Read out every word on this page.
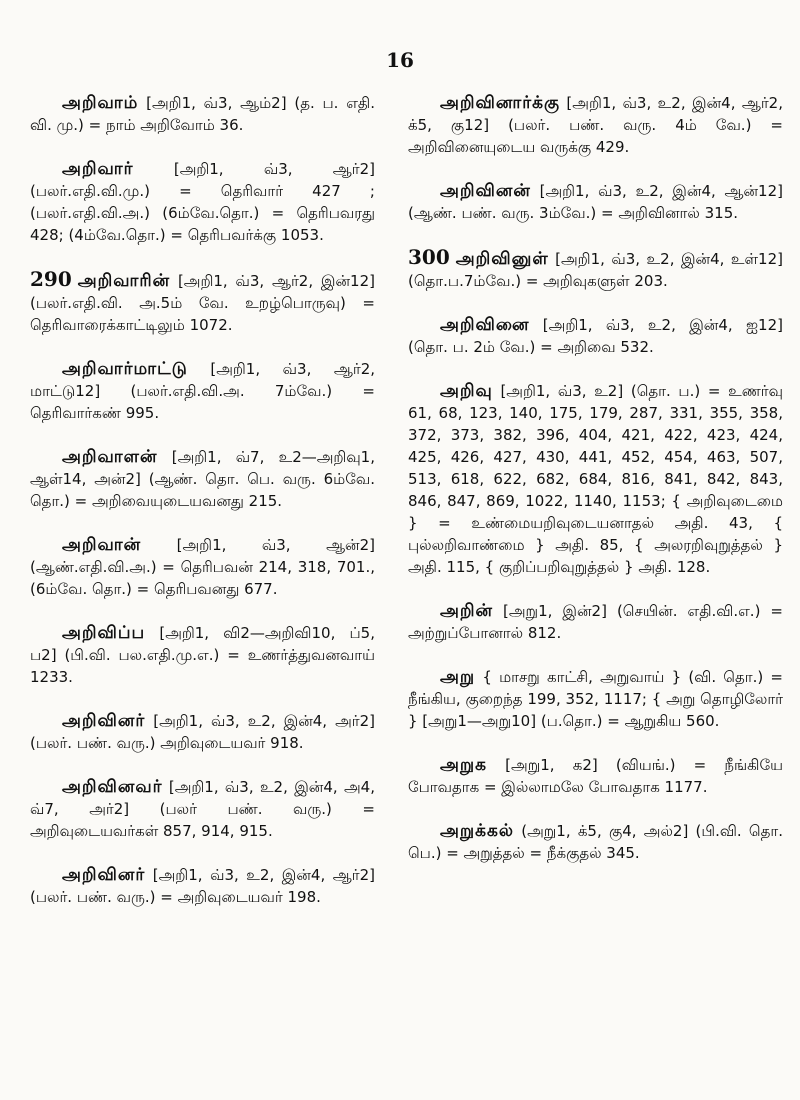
16
அறிவாம் [அறி1, வ்3, ஆம்2] (த. ப. எதி. வி. மு.) = நாம் அறிவோம் 36.
அறிவார் [அறி1, வ்3, ஆர்2] (பலர்.எதி.வி.மு.) = தெரிவார் 427 ; (பலர்.எதி.வி.அ.) (6ம்வே.தொ.) = தெரிபவரது 428; (4ம்வே.தொ.) = தெரிபவர்க்கு 1053.
290 அறிவாரின் [அறி1, வ்3, ஆர்2, இன்12] (பலர்.எதி.வி. அ.5ம் வே. உறழ்பொருவு) = தெரிவாரைக்காட்டிலும் 1072.
அறிவார்மாட்டு [அறி1, வ்3, ஆர்2, மாட்டு12] (பலர்.எதி.வி.அ. 7ம்வே.) = தெரிவார்கண் 995.
அறிவாளன் [அறி1, வ்7, உ2—அறிவு1, ஆள்14, அன்2] (ஆண். தொ. பெ. வரு. 6ம்வே. தொ.) = அறிவையுடையவனது 215.
அறிவான் [அறி1, வ்3, ஆன்2] (ஆண்.எதி.வி.அ.) = தெரிபவன் 214, 318, 701., (6ம்வே. தொ.) = தெரிபவனது 677.
அறிவிப்ப [அறி1, வி2—அறிவி10, ப்5, ப2] (பி.வி. பல.எதி.மு.எ.) = உணர்த்துவனவாய் 1233.
அறிவினர் [அறி1, வ்3, உ2, இன்4, அர்2] (பலர். பண். வரு.) அறிவுடையவர் 918.
அறிவினவர் [அறி1, வ்3, உ2, இன்4, அ4, வ்7, அர்2] (பலர் பண். வரு.) = அறிவுடையவர்கள் 857, 914, 915.
அறிவினர் [அறி1, வ்3, உ2, இன்4, ஆர்2] (பலர். பண். வரு.) = அறிவுடையவர் 198.
அறிவினார்க்கு [அறி1, வ்3, உ2, இன்4, ஆர்2, க்5, கு12] (பலர். பண். வரு. 4ம் வே.) = அறிவினையுடைய வருக்கு 429.
அறிவினன் [அறி1, வ்3, உ2, இன்4, ஆன்12] (ஆண். பண். வரு. 3ம்வே.) = அறிவினால் 315.
300 அறிவினுள் [அறி1, வ்3, உ2, இன்4, உள்12] (தொ.ப.7ம்வே.) = அறிவுகளுள் 203.
அறிவினை [அறி1, வ்3, உ2, இன்4, ஐ12] (தொ. ப. 2ம் வே.) = அறிவை 532.
அறிவு [அறி1, வ்3, உ2] (தொ. ப.) = உணர்வு 61, 68, 123, 140, 175, 179, 287, 331, 355, 358, 372, 373, 382, 396, 404, 421, 422, 423, 424, 425, 426, 427, 430, 441, 452, 454, 463, 507, 513, 618, 622, 682, 684, 816, 841, 842, 843, 846, 847, 869, 1022, 1140, 1153; { அறிவுடைமை } = உண்மையறிவுடையனாதல் அதி. 43, { புல்லறிவாண்மை } அதி. 85, { அலரறிவுறுத்தல் } அதி. 115, { குறிப்பறிவுறுத்தல் } அதி. 128.
அறின் [அறு1, இன்2] (செயின். எதி.வி.எ.) = அற்றுப்போனால் 812.
அறு { மாசறு காட்சி, அறுவாய் } (வி. தொ.) = நீங்கிய, குறைந்த 199, 352, 1117; { அறு தொழிலோர் } [அறு1—அறு10] (ப.தொ.) = ஆறுகிய 560.
அறுக [அறு1, க2] (வியங்.) = நீங்கியே போவதாக = இல்லாமலே போவதாக 1177.
அறுக்கல் (அறு1, க்5, கு4, அல்2] (பி.வி. தொ. பெ.) = அறுத்தல் = நீக்குதல் 345.
